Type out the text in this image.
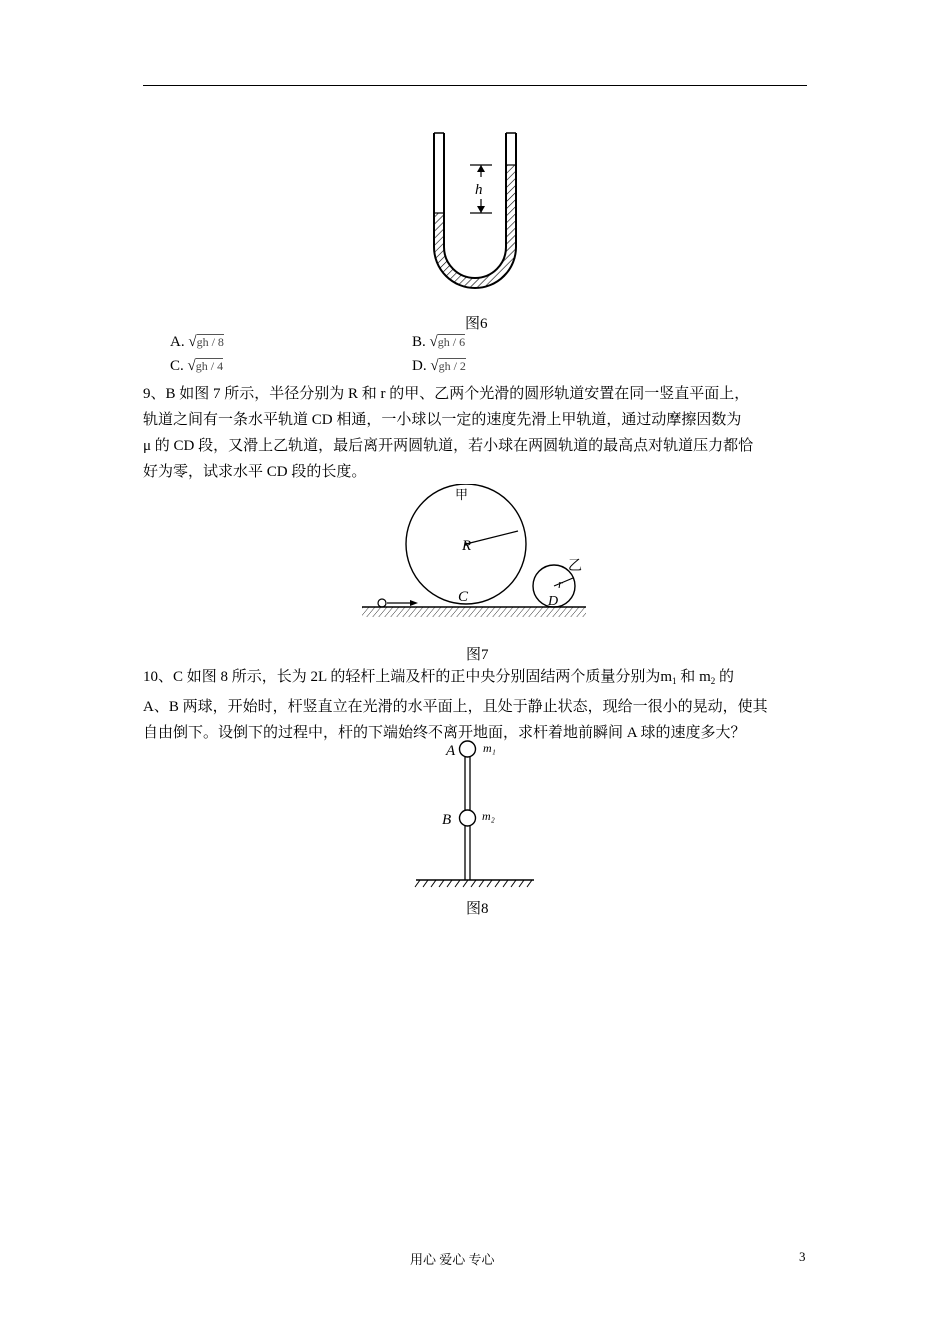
h
图6
A. √gh / 8	B. √gh / 6
C. √gh / 4	D. √gh / 2
9、B 如图 7 所示，半径分别为 R 和 r 的甲、乙两个光滑的圆形轨道安置在同一竖直平面上，
轨道之间有一条水平轨道 CD 相通，一小球以一定的速度先滑上甲轨道，通过动摩擦因数为
μ 的 CD 段，又滑上乙轨道，最后离开两圆轨道，若小球在两圆轨道的最高点对轨道压力都恰
好为零，试求水平 CD 段的长度。
甲
R
C
乙
r
D
图7
10、C 如图 8 所示，长为 2L 的轻杆上端及杆的正中央分别固结两个质量分别为$m_1$ 和 $m_2$ 的
A、B 两球，开始时，杆竖直立在光滑的水平面上，且处于静止状态，现给一很小的晃动，使其
自由倒下。设倒下的过程中，杆的下端始终不离开地面，求杆着地前瞬间 A 球的速度多大？
A m₁
B	m₂
图8
用心 爱心 专心	3
